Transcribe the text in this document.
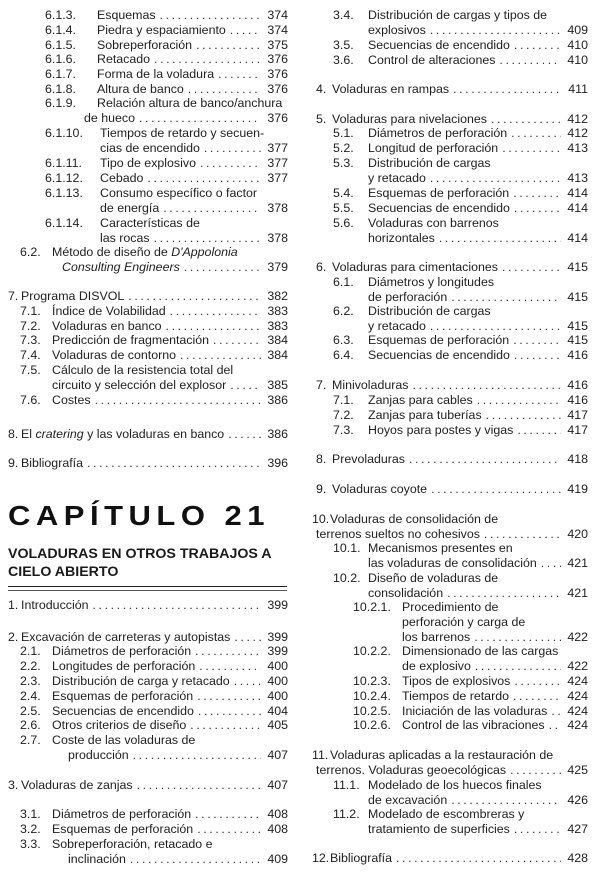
CAPÍTULO 21
VOLADURAS EN OTROS TRABAJOS A CIELO ABIERTO
6.1.3. Esquemas .....	374
6.1.4. Piedra y espaciamiento .....	374
6.1.5. Sobreperforación .....	375
6.1.6. Retacado .....	376
6.1.7. Forma de la voladura .....	376
6.1.8. Altura de banco .....	376
6.1.9. Relación altura de banco/anchura
de hueco .....	376
6.1.10. Tiempos de retardo y secuen-
cias de encendido .....	377
6.1.11. Tipo de explosivo .....	377
6.1.12. Cebado .....	377
6.1.13. Consumo específico o factor
de energía .....	378
6.1.14. Características de
las rocas .....	378
6.2. Método de diseño de D'Appolonia
Consulting Engineers .....	379
7. Programa DISVOL .....	382
7.1. Índice de Volabilidad .....	383
7.2. Voladuras en banco .....	383
7.3. Predicción de fragmentación .....	384
7.4. Voladuras de contorno .....	384
7.5. Cálculo de la resistencia total del
circuito y selección del explosor .....	385
7.6. Costes .....	386
8. El cratering y las voladuras en banco .....	386
9. Bibliografía .....	396
1. Introducción .....	399
2. Excavación de carreteras y autopistas .....	399
2.1. Diámetros de perforación .....	399
2.2. Longitudes de perforación .....	400
2.3. Distribución de carga y retacado .....	400
2.4. Esquemas de perforación .....	400
2.5. Secuencias de encendido .....	404
2.6. Otros criterios de diseño .....	405
2.7. Coste de las voladuras de
producción .....	407
3. Voladuras de zanjas .....	407
3.1. Diámetros de perforación .....	408
3.2. Esquemas de perforación .....	408
3.3. Sobreperforación, retacado e
inclinación .....	409
3.4. Distribución de cargas y tipos de
explosivos .....	409
3.5. Secuencias de encendido .....	410
3.6. Control de alteraciones .....	410
4. Voladuras en rampas .....	411
5. Voladuras para nivelaciones .....	412
5.1. Diámetros de perforación .....	412
5.2. Longitud de perforación .....	413
5.3. Distribución de cargas
y retacado .....	413
5.4. Esquemas de perforación .....	414
5.5. Secuencias de encendido .....	414
5.6. Voladuras con barrenos
horizontales .....	414
6. Voladuras para cimentaciones .....	415
6.1. Diámetros y longitudes
de perforación .....	415
6.2. Distribución de cargas
y retacado .....	415
6.3. Esquemas de perforación .....	415
6.4. Secuencias de encendido .....	416
7. Minivoladuras .....	416
7.1. Zanjas para cables .....	416
7.2. Zanjas para tuberías .....	417
7.3. Hoyos para postes y vigas .....	417
8. Prevoladuras .....	418
9. Voladuras coyote .....	419
10. Voladuras de consolidación de
terrenos sueltos no cohesivos .....	420
10.1. Mecanismos presentes en
las voladuras de consolidación ..... 421
10.2. Diseño de voladuras de
consolidación .....	421
10.2.1. Procedimiento de
perforación y carga de
los barrenos .....	422
10.2.2. Dimensionado de las cargas
de explosivo .....	422
10.2.3. Tipos de explosivos .....	424
10.2.4. Tiempos de retardo .....	424
10.2.5. Iniciación de las voladuras ..... 424
10.2.6. Control de las vibraciones ..... 424
11. Voladuras aplicadas a la restauración de
terrenos. Voladuras geoecológicas .....	425
11.1. Modelado de los huecos finales
de excavación .....	426
11.2. Modelado de escombreras y
tratamiento de superficies .....	427
12. Bibliografía .....	428
